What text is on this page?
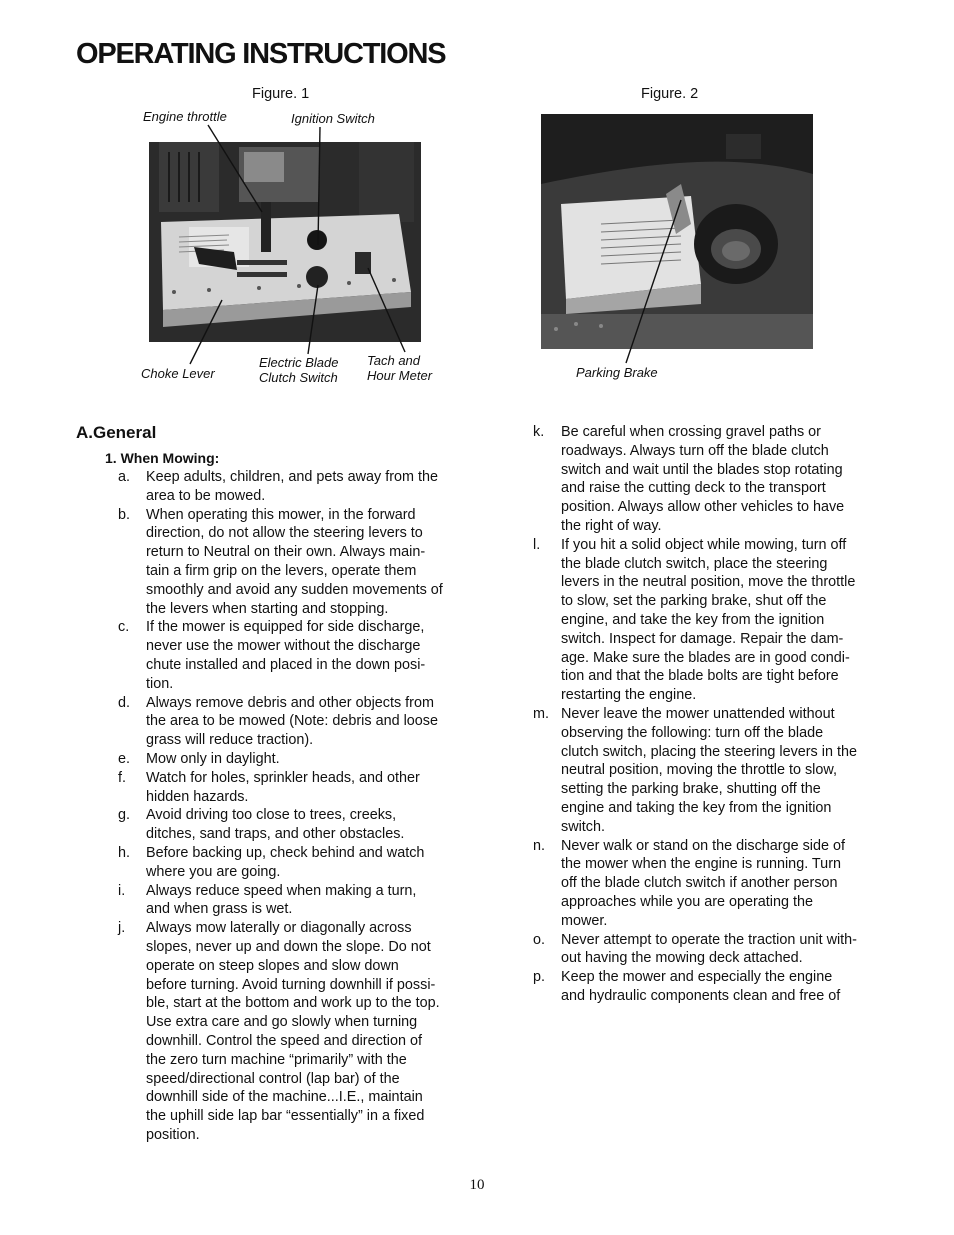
OPERATING INSTRUCTIONS
Figure. 1
Engine throttle	Ignition Switch
Choke Lever
Electric Blade
Clutch Switch
Tach and
Hour Meter
Figure. 2
Parking Brake
A.General
1. When Mowing:
a.	Keep adults, children, and pets away from the
area to be mowed.
b.	When operating this mower, in the forward
direction, do not allow the steering levers to
return to Neutral on their own. Always main-
tain a firm grip on the levers, operate them
smoothly and avoid any sudden movements of
the levers when starting and stopping.
c.	If the mower is equipped for side discharge,
never use the mower without the discharge
chute installed and placed in the down posi-
tion.
d.	Always remove debris and other objects from
the area to be mowed (Note: debris and loose
grass will reduce traction).
e.	Mow only in daylight.
f.	Watch for holes, sprinkler heads, and other
hidden hazards.
g.	Avoid driving too close to trees, creeks,
ditches, sand traps, and other obstacles.
h.	Before backing up, check behind and watch
where you are going.
i.	Always reduce speed when making a turn,
and when grass is wet.
j.	Always mow laterally or diagonally across
slopes, never up and down the slope. Do not
operate on steep slopes and slow down
before turning. Avoid turning downhill if possi-
ble, start at the bottom and work up to the top.
Use extra care and go slowly when turning
downhill. Control the speed and direction of
the zero turn machine “primarily” with the
speed/directional control (lap bar) of the
downhill side of the machine...I.E., maintain
the uphill side lap bar “essentially” in a fixed
position.
k.	Be careful when crossing gravel paths or
roadways. Always turn off the blade clutch
switch and wait until the blades stop rotating
and raise the cutting deck to the transport
position. Always allow other vehicles to have
the right of way.
l.	If you hit a solid object while mowing, turn off
the blade clutch switch, place the steering
levers in the neutral position, move the throttle
to slow, set the parking brake, shut off the
engine, and take the key from the ignition
switch. Inspect for damage. Repair the dam-
age. Make sure the blades are in good condi-
tion and that the blade bolts are tight before
restarting the engine.
m. Never leave the mower unattended without
observing the following: turn off the blade
clutch switch, placing the steering levers in the
neutral position, moving the throttle to slow,
setting the parking brake, shutting off the
engine and taking the key from the ignition
switch.
n.	Never walk or stand on the discharge side of
the mower when the engine is running. Turn
off the blade clutch switch if another person
approaches while you are operating the
mower.
o.	Never attempt to operate the traction unit with-
out having the mowing deck attached.
p.	Keep the mower and especially the engine
and hydraulic components clean and free of
10
